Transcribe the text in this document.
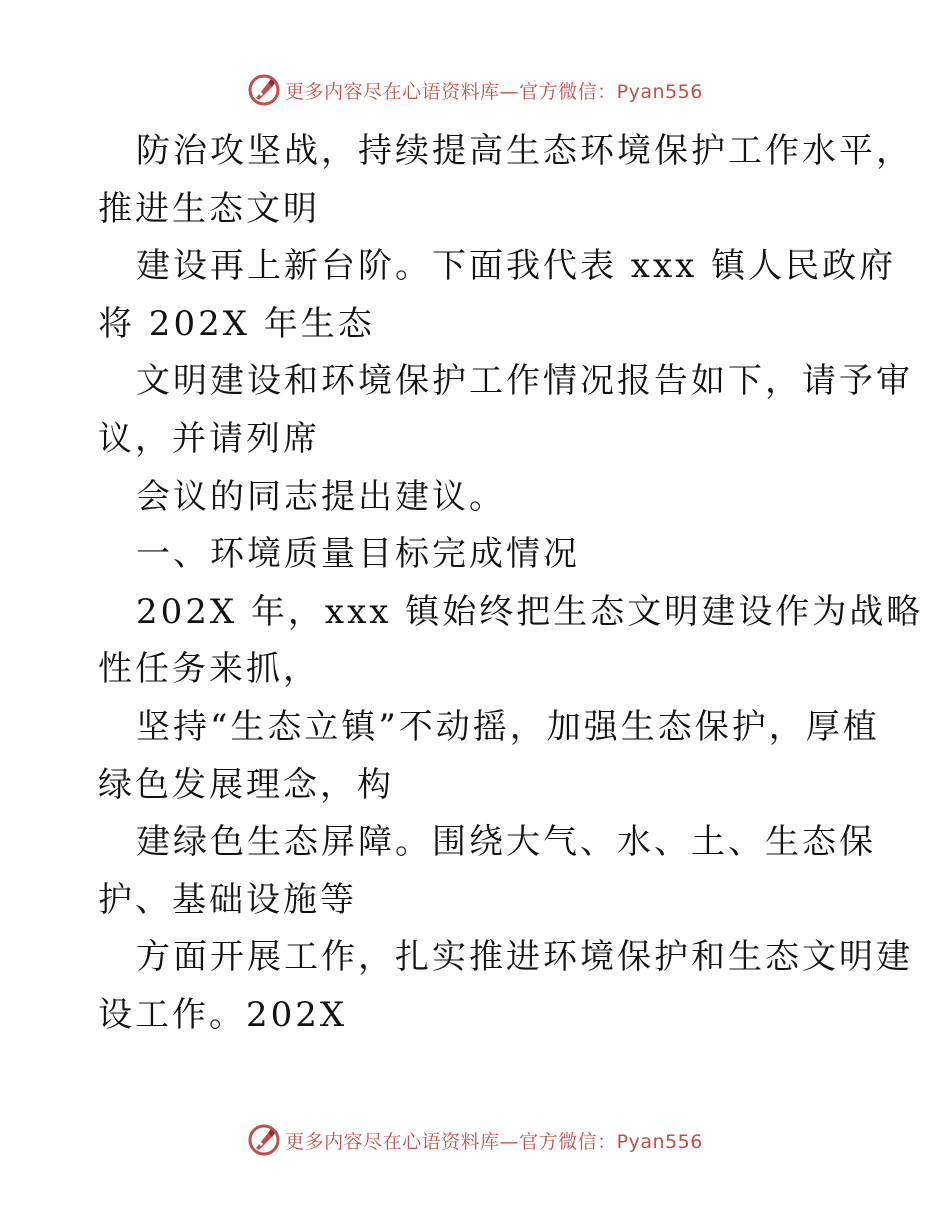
更多内容尽在心语资料库—官方微信：Pyan556
防治攻坚战，持续提高生态环境保护工作水平，
推进生态文明
建设再上新台阶。下面我代表 xxx 镇人民政府
将 202X 年生态
文明建设和环境保护工作情况报告如下，请予审
议，并请列席
会议的同志提出建议。
一、环境质量目标完成情况
202X 年，xxx 镇始终把生态文明建设作为战略
性任务来抓，
坚持“生态立镇”不动摇，加强生态保护，厚植
绿色发展理念，构
建绿色生态屏障。围绕大气、水、土、生态保
护、基础设施等
方面开展工作，扎实推进环境保护和生态文明建
设工作。202X
更多内容尽在心语资料库—官方微信：Pyan556
